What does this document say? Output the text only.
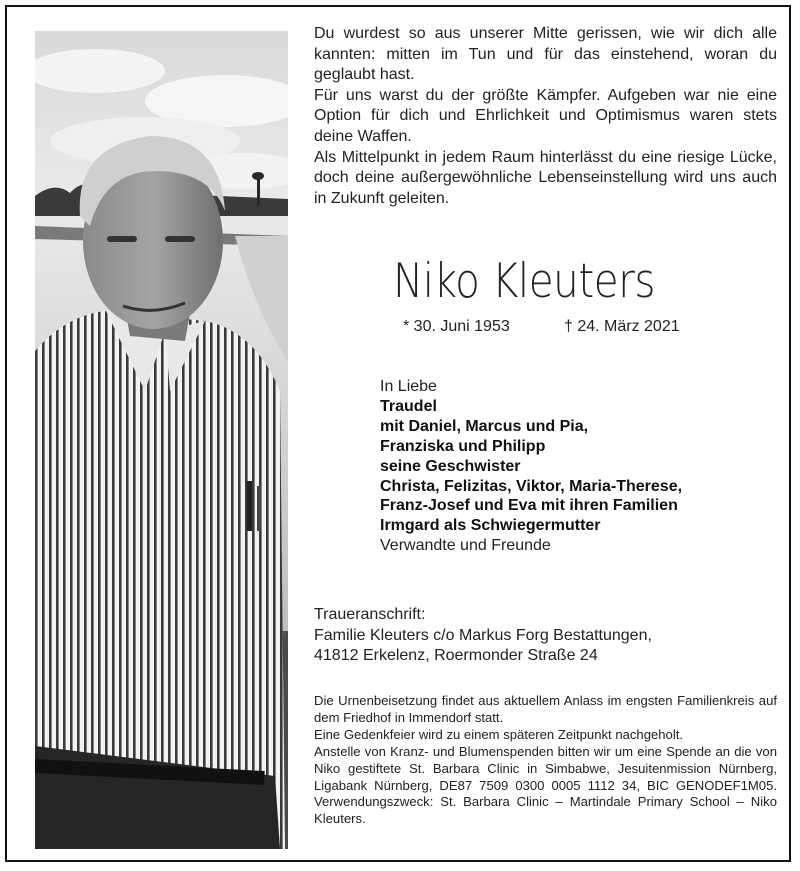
Du wurdest so aus unserer Mitte gerissen, wie wir dich alle kannten: mitten im Tun und für das einstehend, woran du geglaubt hast.

Für uns warst du der größte Kämpfer. Aufgeben war nie eine Option für dich und Ehrlichkeit und Optimismus waren stets deine Waffen.

Als Mittelpunkt in jedem Raum hinterlässt du eine riesige Lücke, doch deine außergewöhnliche Lebenseinstellung wird uns auch in Zukunft geleiten.

Niko Kleuters
* 30. Juni 1953	† 24. März 2021
In Liebe
Traudel
mit Daniel, Marcus und Pia,
Franziska und Philipp
seine Geschwister
Christa, Felizitas, Viktor, Maria-Therese,
Franz-Josef und Eva mit ihren Familien
Irmgard als Schwiegermutter
Verwandte und Freunde
Traueranschrift:
Familie Kleuters c/o Markus Forg Bestattungen,
41812 Erkelenz, Roermonder Straße 24

Die Urnenbeisetzung findet aus aktuellem Anlass im engsten Familienkreis auf dem Friedhof in Immendorf statt.

Eine Gedenkfeier wird zu einem späteren Zeitpunkt nachgeholt.

Anstelle von Kranz- und Blumenspenden bitten wir um eine Spende an die von Niko gestiftete St. Barbara Clinic in Simbabwe, Jesuitenmission Nürnberg, Ligabank Nürnberg, DE87 7509 0300 0005 1112 34, BIC GENODEF1M05. Verwendungszweck: St. Barbara Clinic – Martindale Primary School – Niko Kleuters.
